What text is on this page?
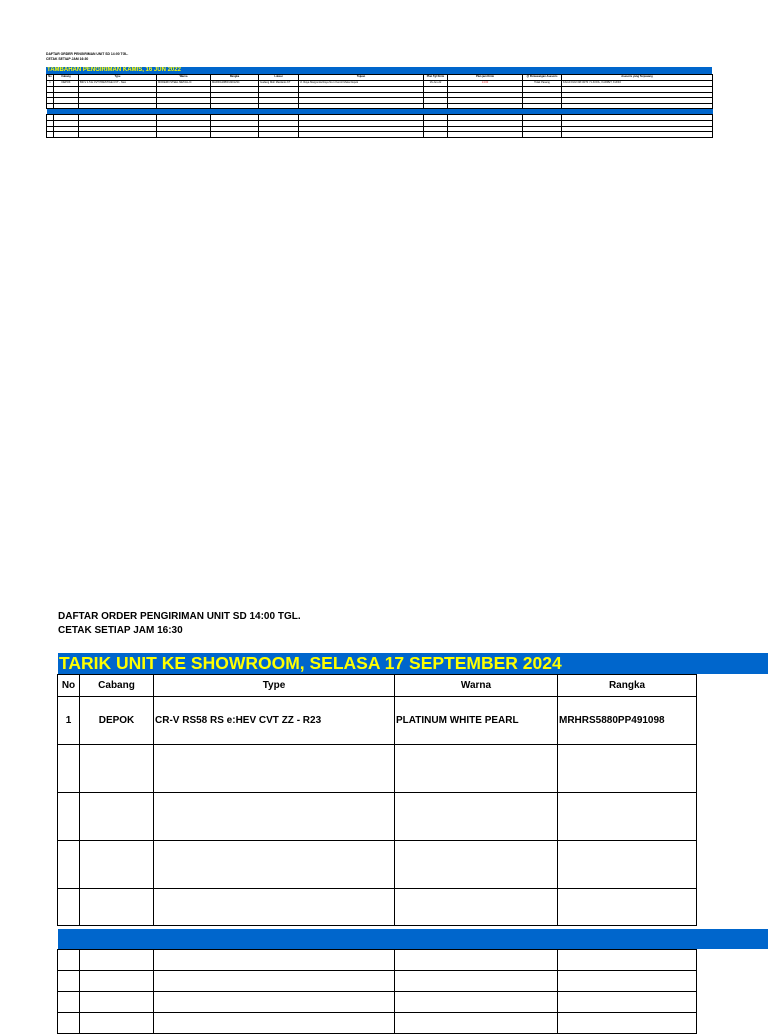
DAFTAR ORDER PENGIRIMAN UNIT SD 14:00 TGL.
CETAK SETIAP JAM 16:30
TAMBAHAN PENGIRIMAN KAMIS, 16 JUN 2022
No	Cabang	Type	Warna	Rangka	Lokasi	Tujuan	Plan Tgl Kirim	Plan jam Kirim	@ Pemasangan Asesoris	Asesoris yang Terpasang
1	DEPOK	BR-V 1.5 E CVT PRESTIGE CVT - New	MODERN STEEL METALLIC	MHRDG1880NJ201234	Gudang Moh Mardanis KT	Jl. Raya Margonda Raya No.1 Kemiri Muka Depok	16-Jun-22	14:00	Tidak Pasang	KACA FILM 3M CR70 / V-KOOL, KARPET, KUNCI

DAFTAR ORDER PENGIRIMAN UNIT SD 14:00 TGL.
CETAK SETIAP JAM 16:30
TARIK UNIT KE SHOWROOM, SELASA 17 SEPTEMBER 2024
No	Cabang	Type	Warna	Rangka
1	DEPOK	CR-V RS58 RS e:HEV CVT ZZ - R23	PLATINUM WHITE PEARL	MRHRS5880PP491098
